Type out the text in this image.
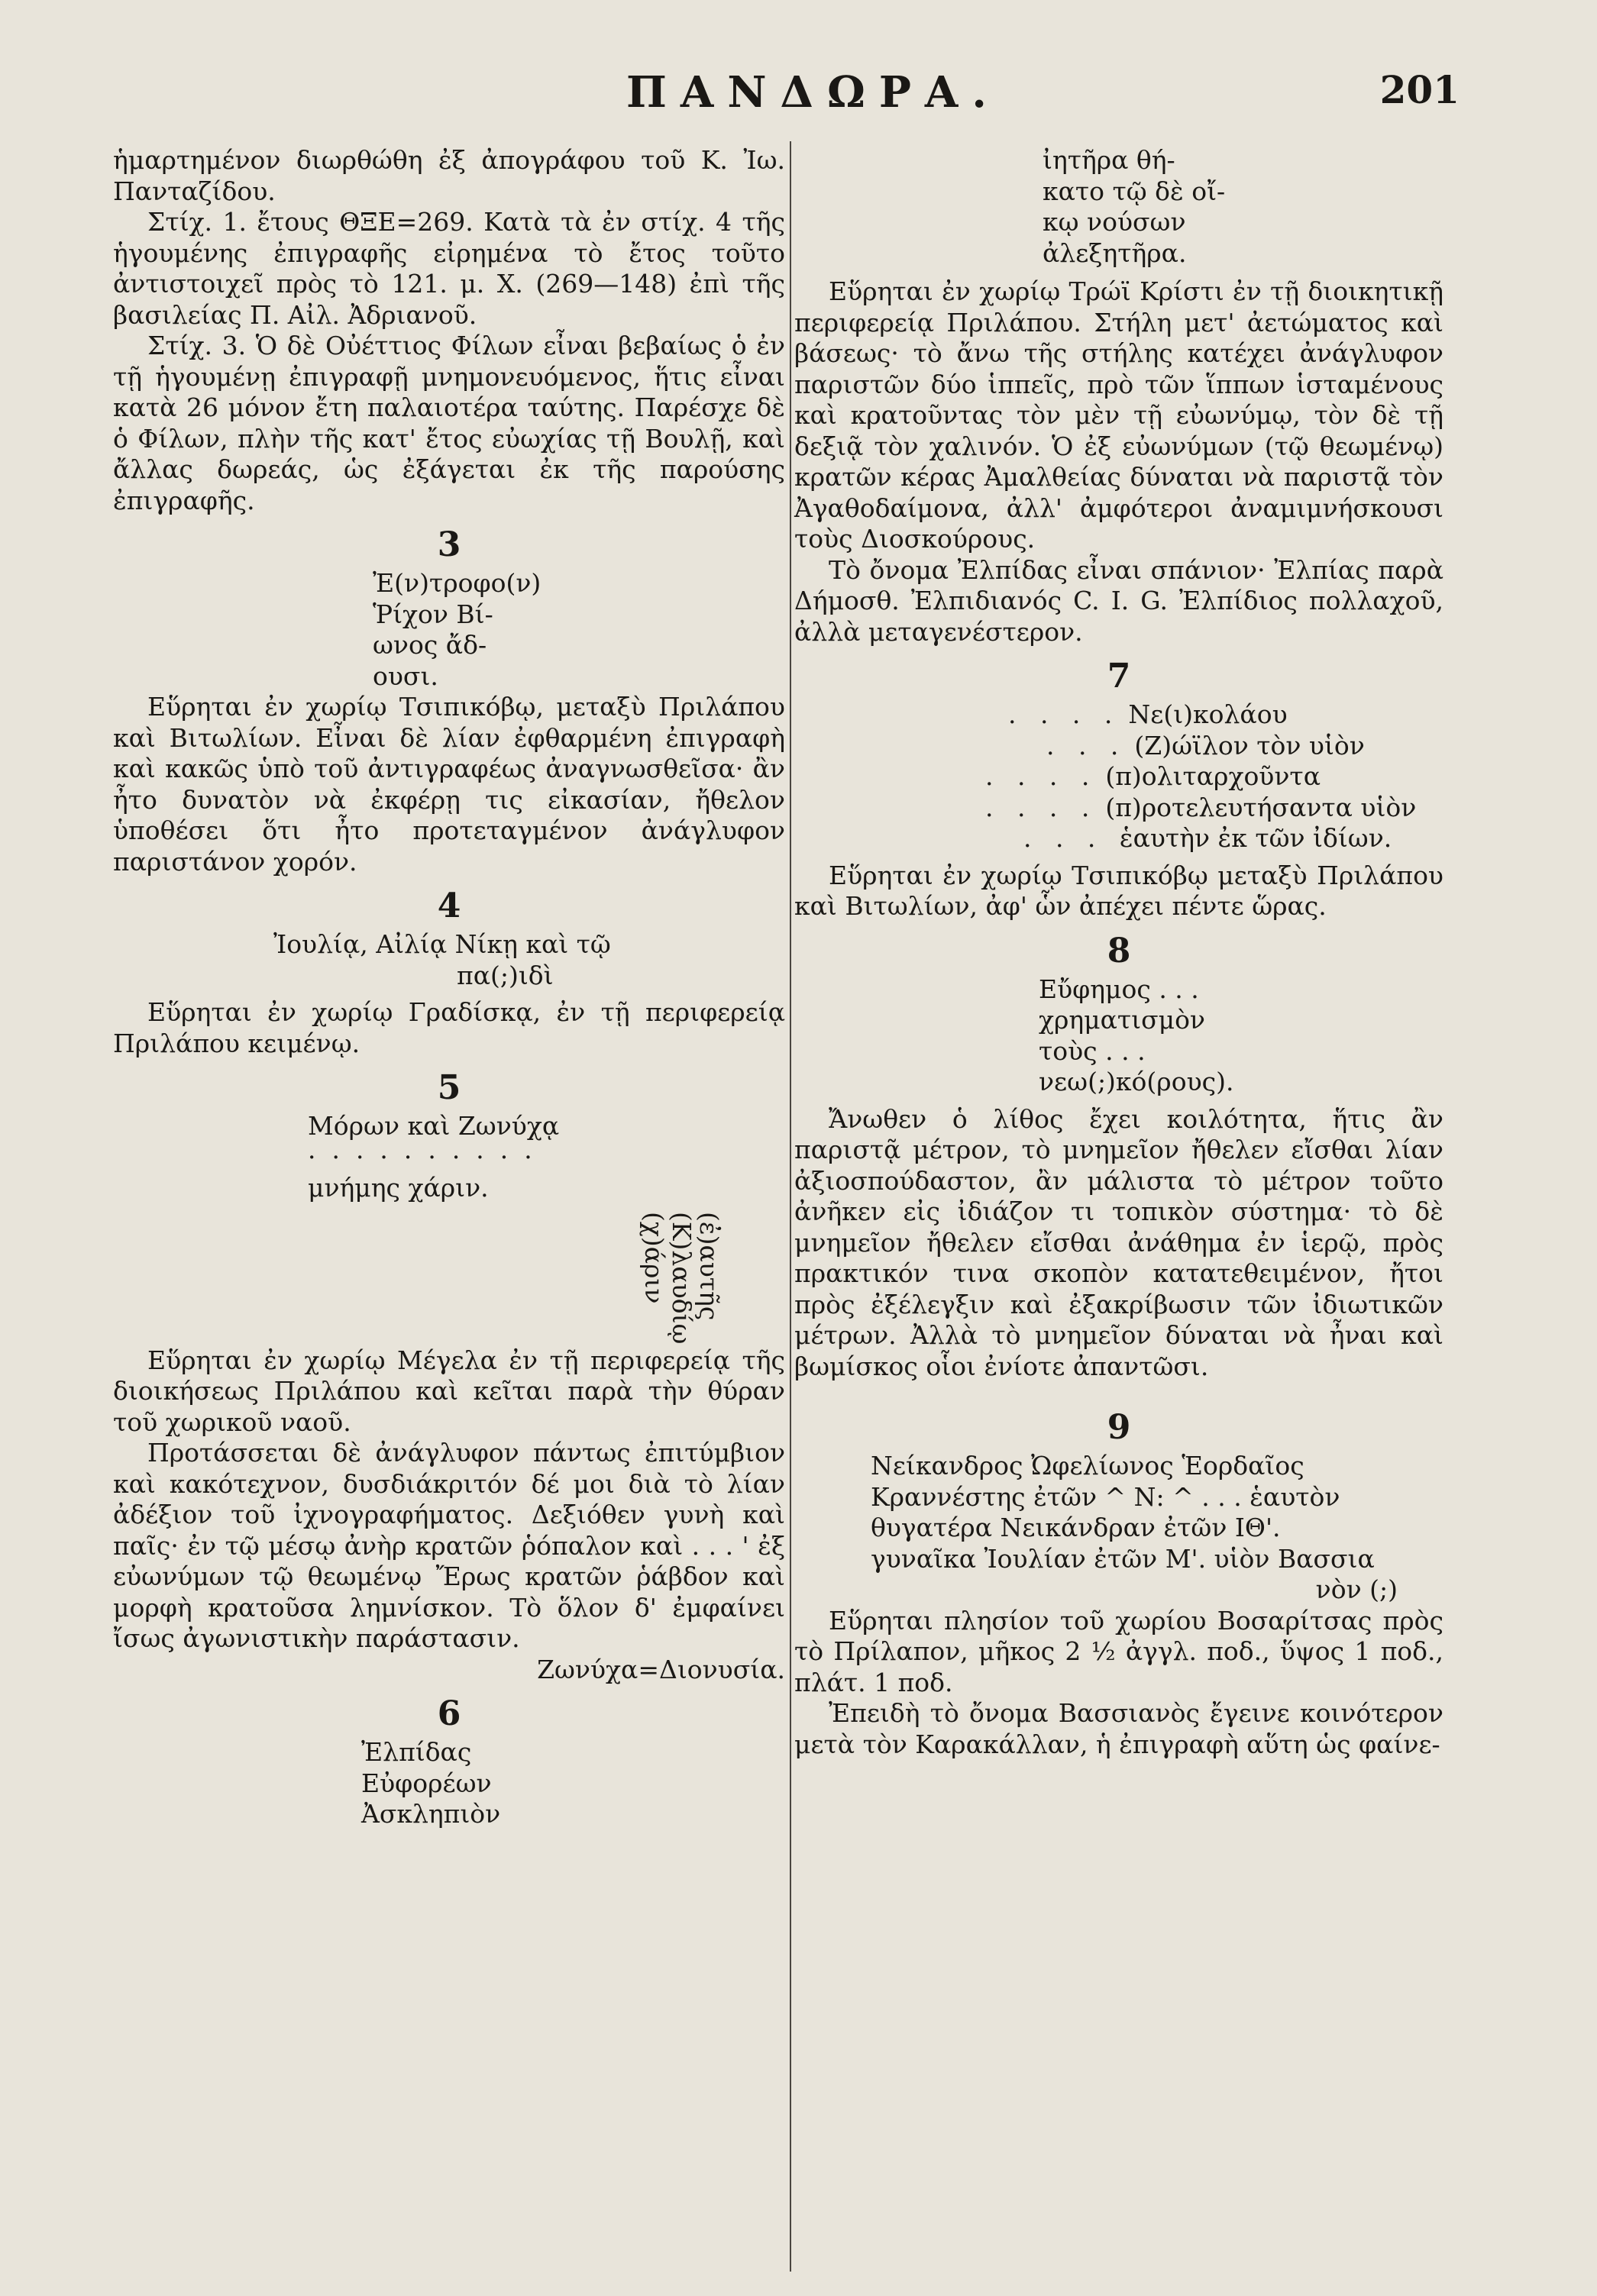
ΠΑΝΔΩΡΑ.	201

ἡμαρτημένον διωρθώθη ἐξ ἀπογράφου τοῦ Κ. Ἰω. Πανταζίδου.

Στίχ. 1. ἔτους ΘΞΕ=269. Κατὰ τὰ ἐν στίχ. 4 τῆς ἡγουμένης ἐπιγραφῆς εἰρημένα τὸ ἔτος τοῦτο ἀντιστοιχεῖ πρὸς τὸ 121. μ. Χ. (269—148) ἐπὶ τῆς βασιλείας Π. Αἰλ. Ἀδριανοῦ.

Στίχ. 3. Ὁ δὲ Οὐέττιος Φίλων εἶναι βεβαίως ὁ ἐν τῇ ἡγουμένῃ ἐπιγραφῇ μνημονευόμενος, ἥτις εἶναι κατὰ 26 μόνον ἔτη παλαιοτέρα ταύτης. Παρέσχε δὲ ὁ Φίλων, πλὴν τῆς κατ' ἔτος εὐωχίας τῇ Βουλῇ, καὶ ἄλλας δωρεάς, ὡς ἐξάγεται ἐκ τῆς παρούσης ἐπιγραφῆς.

3
Ἐ(ν)τροφο(ν)
Ῥίχον Βί-
ωνος ἄδ-
ουσι.

Εὕρηται ἐν χωρίῳ Τσιπικόβῳ, μεταξὺ Πριλάπου καὶ Βιτωλίων. Εἶναι δὲ λίαν ἐφθαρμένη ἐπιγραφὴ καὶ κακῶς ὑπὸ τοῦ ἀντιγραφέως ἀναγνωσθεῖσα· ἂν ἦτο δυνατὸν νὰ ἐκφέρῃ τις εἰκασίαν, ἤθελον ὑποθέσει ὅτι ἦτο προτεταγμένον ἀνάγλυφον παριστάνον χορόν.

4
Ἰουλίᾳ, Αἰλίᾳ Νίκῃ καὶ τῷ
πα(;)ιδὶ

Εὕρηται ἐν χωρίῳ Γραδίσκᾳ, ἐν τῇ περιφερείᾳ Πριλάπου κειμένῳ.

5
Μόρων καὶ Ζωνύχᾳ
·  ·  ·  ·  ·  ·  ·  ·  ·  ·
μνήμης χάριν.
(ἐ)αυτῆς
(Κ)λαυδίῳ
(χ)άριν

Εὕρηται ἐν χωρίῳ Μέγελα ἐν τῇ περιφερείᾳ τῆς διοικήσεως Πριλάπου καὶ κεῖται παρὰ τὴν θύραν τοῦ χωρικοῦ ναοῦ.

Προτάσσεται δὲ ἀνάγλυφον πάντως ἐπιτύμβιον καὶ κακότεχνον, δυσδιάκριτόν δέ μοι διὰ τὸ λίαν ἀδέξιον τοῦ ἰχνογραφήματος. Δεξιόθεν γυνὴ καὶ παῖς· ἐν τῷ μέσῳ ἀνὴρ κρατῶν ῥόπαλον καὶ . . . ' ἐξ εὐωνύμων τῷ θεωμένῳ Ἔρως κρατῶν ῥάβδον καὶ μορφὴ κρατοῦσα λημνίσκον. Τὸ ὅλον δ' ἐμφαίνει ἴσως ἀγωνιστικὴν παράστασιν.

Ζωνύχα=Διονυσία.
6
Ἐλπίδας
Εὐφορέων
Ἀσκληπιὸν
ἰητῆρα θή-
κατο τῷ δὲ οἴ-
κῳ νούσων
ἀλεξητῆρα.

Εὕρηται ἐν χωρίῳ Τρώϊ Κρίστι ἐν τῇ διοικητικῇ περιφερείᾳ Πριλάπου. Στήλη μετ' ἀετώματος καὶ βάσεως· τὸ ἄνω τῆς στήλης κατέχει ἀνάγλυφον παριστῶν δύο ἱππεῖς, πρὸ τῶν ἵππων ἱσταμένους καὶ κρατοῦντας τὸν μὲν τῇ εὐωνύμῳ, τὸν δὲ τῇ δεξιᾷ τὸν χαλινόν. Ὁ ἐξ εὐωνύμων (τῷ θεωμένῳ) κρατῶν κέρας Ἀμαλθείας δύναται νὰ παριστᾷ τὸν Ἀγαθοδαίμονα, ἀλλ' ἀμφότεροι ἀναμιμνήσκουσι τοὺς Διοσκούρους.

Τὸ ὄνομα Ἐλπίδας εἶναι σπάνιον· Ἐλπίας παρὰ Δήμοσθ. Ἐλπιδιανός C. I. G. Ἐλπίδιος πολλαχοῦ, ἀλλὰ μεταγενέστερον.

7
.   .   .   .  Νε(ι)κολάου
.   .   .  (Ζ)ώϊλον τὸν υἱὸν
.   .   .   .  (π)ολιταρχοῦντα
.   .   .   .  (π)ροτελευτήσαντα υἱὸν
.   .   .   ἑαυτὴν ἐκ τῶν ἰδίων.

Εὕρηται ἐν χωρίῳ Τσιπικόβῳ μεταξὺ Πριλάπου καὶ Βιτωλίων, ἀφ' ὧν ἀπέχει πέντε ὥρας.

8
Εὔφημος . . .
χρηματισμὸν
τοὺς . . .
νεω(;)κό(ρους).

Ἄνωθεν ὁ λίθος ἔχει κοιλότητα, ἥτις ἂν παριστᾷ μέτρον, τὸ μνημεῖον ἤθελεν εἴσθαι λίαν ἀξιοσπούδαστον, ἂν μάλιστα τὸ μέτρον τοῦτο ἀνῆκεν εἰς ἰδιάζον τι τοπικὸν σύστημα· τὸ δὲ μνημεῖον ἤθελεν εἴσθαι ἀνάθημα ἐν ἱερῷ, πρὸς πρακτικόν τινα σκοπὸν κατατεθειμένον, ἤτοι πρὸς ἐξέλεγξιν καὶ ἐξακρίβωσιν τῶν ἰδιωτικῶν μέτρων. Ἀλλὰ τὸ μνημεῖον δύναται νὰ ἦναι καὶ βωμίσκος οἷοι ἐνίοτε ἀπαντῶσι.

9
Νείκανδρος Ὠφελίωνος Ἑορδαῖος
Κραννέστης ἐτῶν ^ Ν: ^ . . . ἑαυτὸν
θυγατέρα Νεικάνδραν ἐτῶν ΙΘ'.
γυναῖκα Ἰουλίαν ἐτῶν Μ'. υἱὸν Βασσια
νὸν (;)

Εὕρηται πλησίον τοῦ χωρίου Βοσαρίτσας πρὸς τὸ Πρίλαπον, μῆκος 2 ½ ἀγγλ. ποδ., ὕψος 1 ποδ., πλάτ. 1 ποδ.

Ἐπειδὴ τὸ ὄνομα Βασσιανὸς ἔγεινε κοινότερον μετὰ τὸν Καρακάλλαν, ἡ ἐπιγραφὴ αὕτη ὡς φαίνε-
